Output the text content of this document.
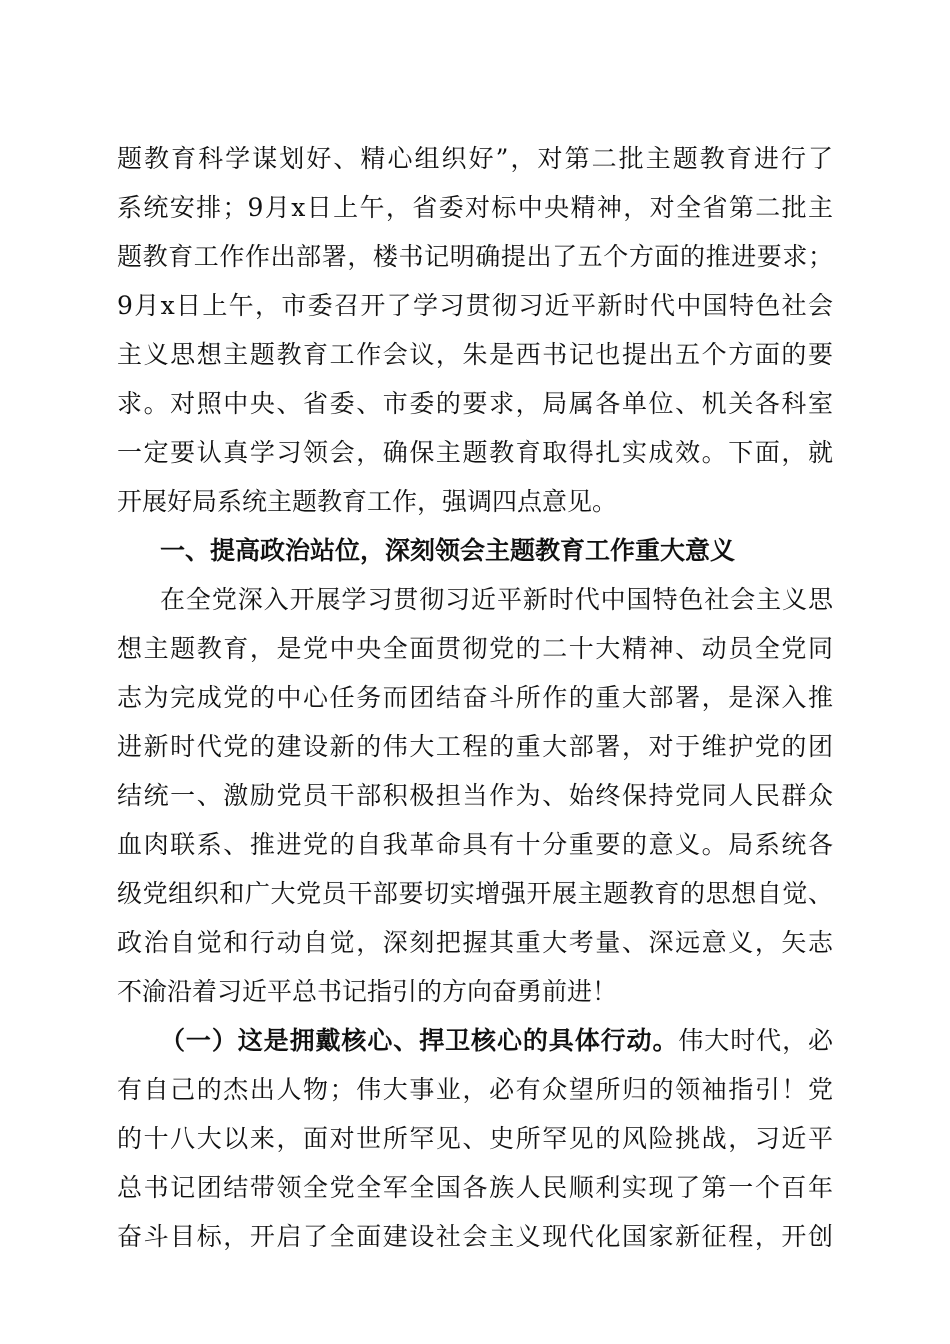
题教育科学谋划好、精心组织好”，对第二批主题教育进行了
系统安排；9月x日上午，省委对标中央精神，对全省第二批主
题教育工作作出部署，楼书记明确提出了五个方面的推进要求；
9月x日上午，市委召开了学习贯彻习近平新时代中国特色社会
主义思想主题教育工作会议，朱是西书记也提出五个方面的要
求。对照中央、省委、市委的要求，局属各单位、机关各科室
一定要认真学习领会，确保主题教育取得扎实成效。下面，就
开展好局系统主题教育工作，强调四点意见。
一、提高政治站位，深刻领会主题教育工作重大意义
在全党深入开展学习贯彻习近平新时代中国特色社会主义思
想主题教育，是党中央全面贯彻党的二十大精神、动员全党同
志为完成党的中心任务而团结奋斗所作的重大部署，是深入推
进新时代党的建设新的伟大工程的重大部署，对于维护党的团
结统一、激励党员干部积极担当作为、始终保持党同人民群众
血肉联系、推进党的自我革命具有十分重要的意义。局系统各
级党组织和广大党员干部要切实增强开展主题教育的思想自觉、
政治自觉和行动自觉，深刻把握其重大考量、深远意义，矢志
不渝沿着习近平总书记指引的方向奋勇前进！
（一）这是拥戴核心、捍卫核心的具体行动。伟大时代，必
有自己的杰出人物；伟大事业，必有众望所归的领袖指引！党
的十八大以来，面对世所罕见、史所罕见的风险挑战，习近平
总书记团结带领全党全军全国各族人民顺利实现了第一个百年
奋斗目标，开启了全面建设社会主义现代化国家新征程，开创
